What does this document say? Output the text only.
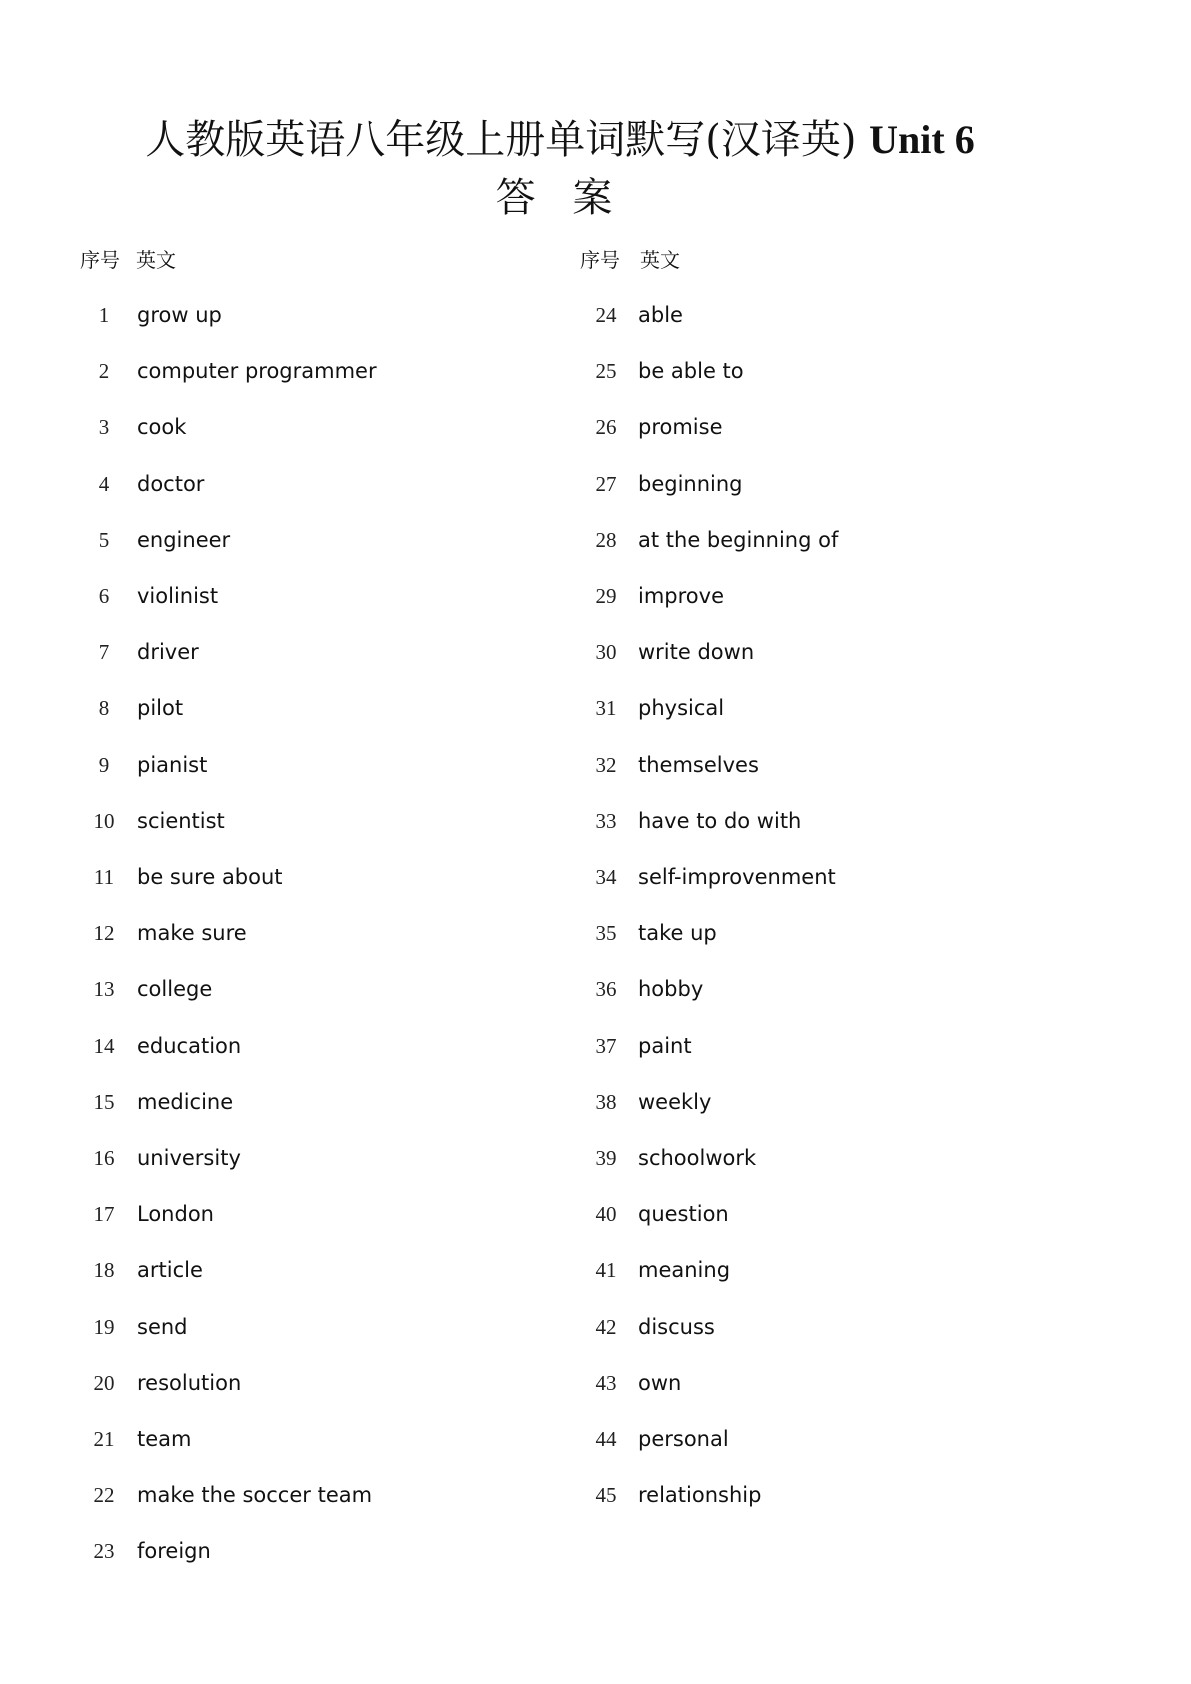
人教版英语八年级上册单词默写(汉译英) Unit 6
答 案
序号 英文	序号 英文
1	grow up
2	computer programmer
3	cook
4	doctor
5	engineer
6	violinist
7	driver
8	pilot
9	pianist
10	scientist
11	be sure about
12	make sure
13	college
14	education
15	medicine
16	university
17	London
18	article
19	send
20	resolution
21	team
22	make the soccer team
23	foreign
24	able
25	be able to
26	promise
27	beginning
28	at the beginning of
29	improve
30	write down
31	physical
32	themselves
33	have to do with
34	self-improvenment
35	take up
36	hobby
37	paint
38	weekly
39	schoolwork
40	question
41	meaning
42	discuss
43	own
44	personal
45	relationship
